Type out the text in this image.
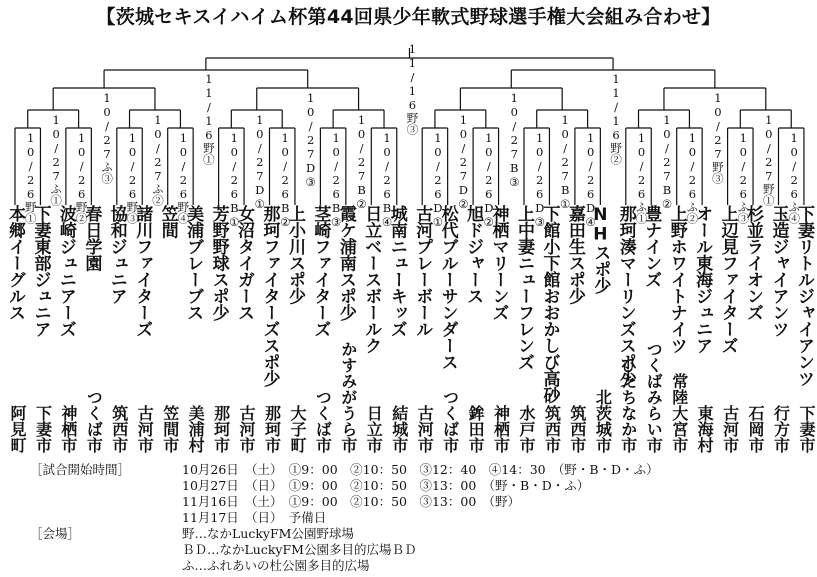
【茨城セキスイハイム杯第44回県少年軟式野球選手権大会組み合わせ】
10/26野①	10/26野②	10/26野③	10/26野④	10/26B①	10/26B②	10/26B③	10/26B④	10/26D①	10/26D②	10/26D③	10/26D④	10/26ふ①	10/26ふ②	10/26ふ③	10/26ふ④
10/27ふ①	10/27ふ②	10/27D①	10/27B②	10/27D②	10/27B①	10/27B②	10/27野①
10/27ふ③	10/27D③	10/27B③	10/27野③
11/16野①	11/16野②
11/16野③
本郷イーグルス
阿見町
下妻東部ジュニア
下妻市
波崎ジュニアーズ
神栖市
春日学園
つくば市
協和ジュニア
筑西市
諸川ファイターズ
古河市
笠間
笠間市
美浦ブレーブス
美浦村
芳野野球スポ少
那珂市
女沼タイガース
古河市
那珂ファイターズスポ少
那珂市
上小川スポ少
大子町
茎崎ファイターズ
つくば市
霞ケ浦南スポ少
かすみがうら市
日立ベースボールク
日立市
城南ニューキッズ
結城市
古河プレーボール
古河市
松代ブルーサンダース
つくば市
旭ドジャース
鉾田市
神栖マリーンズ
神栖市
上中妻ニューフレンズ
水戸市
下館小下館おおかしび高砂
筑西市
嘉田生スポ少
筑西市
NHスポ少
北茨城市
那珂湊マーリンズスポ少
ひたちなか市
豊ナインズ
つくばみらい市
上野ホワイトナイツ
常陸大宮市
オール東海ジュニア
東海村
上辺見ファイターズ
古河市
杉並ライオンズ
石岡市
玉造ジャイアンツ
行方市
下妻リトルジャイアンツ
下妻市
［試合開始時間］	10月26日　（土）　①9：00　②10：50　③12：40　④14：30　（野・B・D・ふ）
10月27日　（日）　①9：00　②10：50　③13：00　（野・B・D・ふ）
11月16日　（土）　①9：00　②10：50　③13：00　（野）
11月17日　（日）　予備日
［会場］	野…なかLuckyFM公園野球場
ＢＤ…なかLuckyFM公園多目的広場ＢＤ
ふ…ふれあいの杜公園多目的広場
